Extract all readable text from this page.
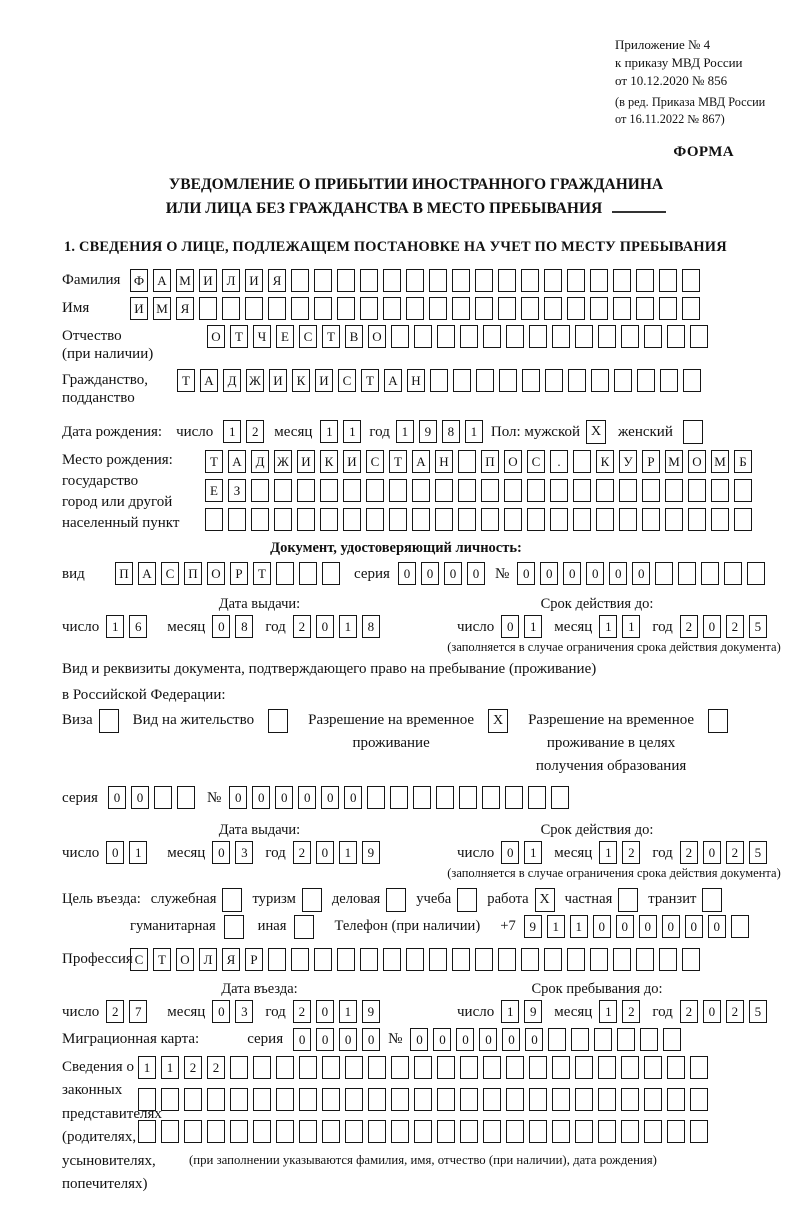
Приложение № 4
к приказу МВД России
от 10.12.2020 № 856
(в ред. Приказа МВД России
от 16.11.2022 № 867)
ФОРМА
УВЕДОМЛЕНИЕ О ПРИБЫТИИ ИНОСТРАННОГО ГРАЖДАНИНА
ИЛИ ЛИЦА БЕЗ ГРАЖДАНСТВА В МЕСТО ПРЕБЫВАНИЯ
1. СВЕДЕНИЯ О ЛИЦЕ, ПОДЛЕЖАЩЕМ ПОСТАНОВКЕ НА УЧЕТ ПО МЕСТУ ПРЕБЫВАНИЯ
Фамилия	Ф	А М И	Л	И	Я
Имя	И М Я
Отчество
(при наличии)
О	Т	Ч	Е	С	Т	В	О
Гражданство,
подданство
Т	А	Д Ж И	К	И	С	Т	А	Н
Дата рождения: число	1	2	месяц	1	1 год 1	9	8	1 Пол: мужской X	женский
Место рождения:
государство
город или другой
населенный пункт
Т	А	Д Ж И	К	И	С	Т	А	Н	П	О	С	.	К	У	Р	М О М	Б
Е	З
Документ, удостоверяющий личность:
вид	П	А	С	П	О	Р	Т	серия	0	0	0	0	№	0	0	0	0	0	0
Дата выдачи:	Срок действия до:
число 1	6	месяц 0	8	год 2	0	1	8	число 0	1	месяц 1	1	год 2	0	2	5
(заполняется в случае ограничения срока действия документа)
Вид и реквизиты документа, подтверждающего право на пребывание (проживание)
в Российской Федерации:
Виза	Вид на жительство	Разрешение на временное
проживание
X	Разрешение на временное
проживание в целях
получения образования
серия	0	0	№	0	0	0	0	0	0
Дата выдачи:	Срок действия до:
число 0	1	месяц 0	3	год 2	0	1	9	число 0	1	месяц 1	2	год 2	0	2	5
(заполняется в случае ограничения срока действия документа)
Цель въезда: служебная туризм деловая учеба работа X	частная транзит
гуманитарная	иная	Телефон (при наличии) +7	9	1	1	0	0	0	0	0	0
Профессия С	Т	О	Л	Я	Р
Дата въезда:	Срок пребывания до:
число 2	7	месяц 0	3	год 2	0	1	9	число 1	9	месяц 1	2	год 2	0	2	5
Миграционная карта:	серия	0	0	0	0 №	0	0	0	0	0	0
Сведения о
законных
представителях
(родителях,
усыновителях,
попечителях)
1	1	2	2
(при заполнении указываются фамилия, имя, отчество (при наличии), дата рождения)
